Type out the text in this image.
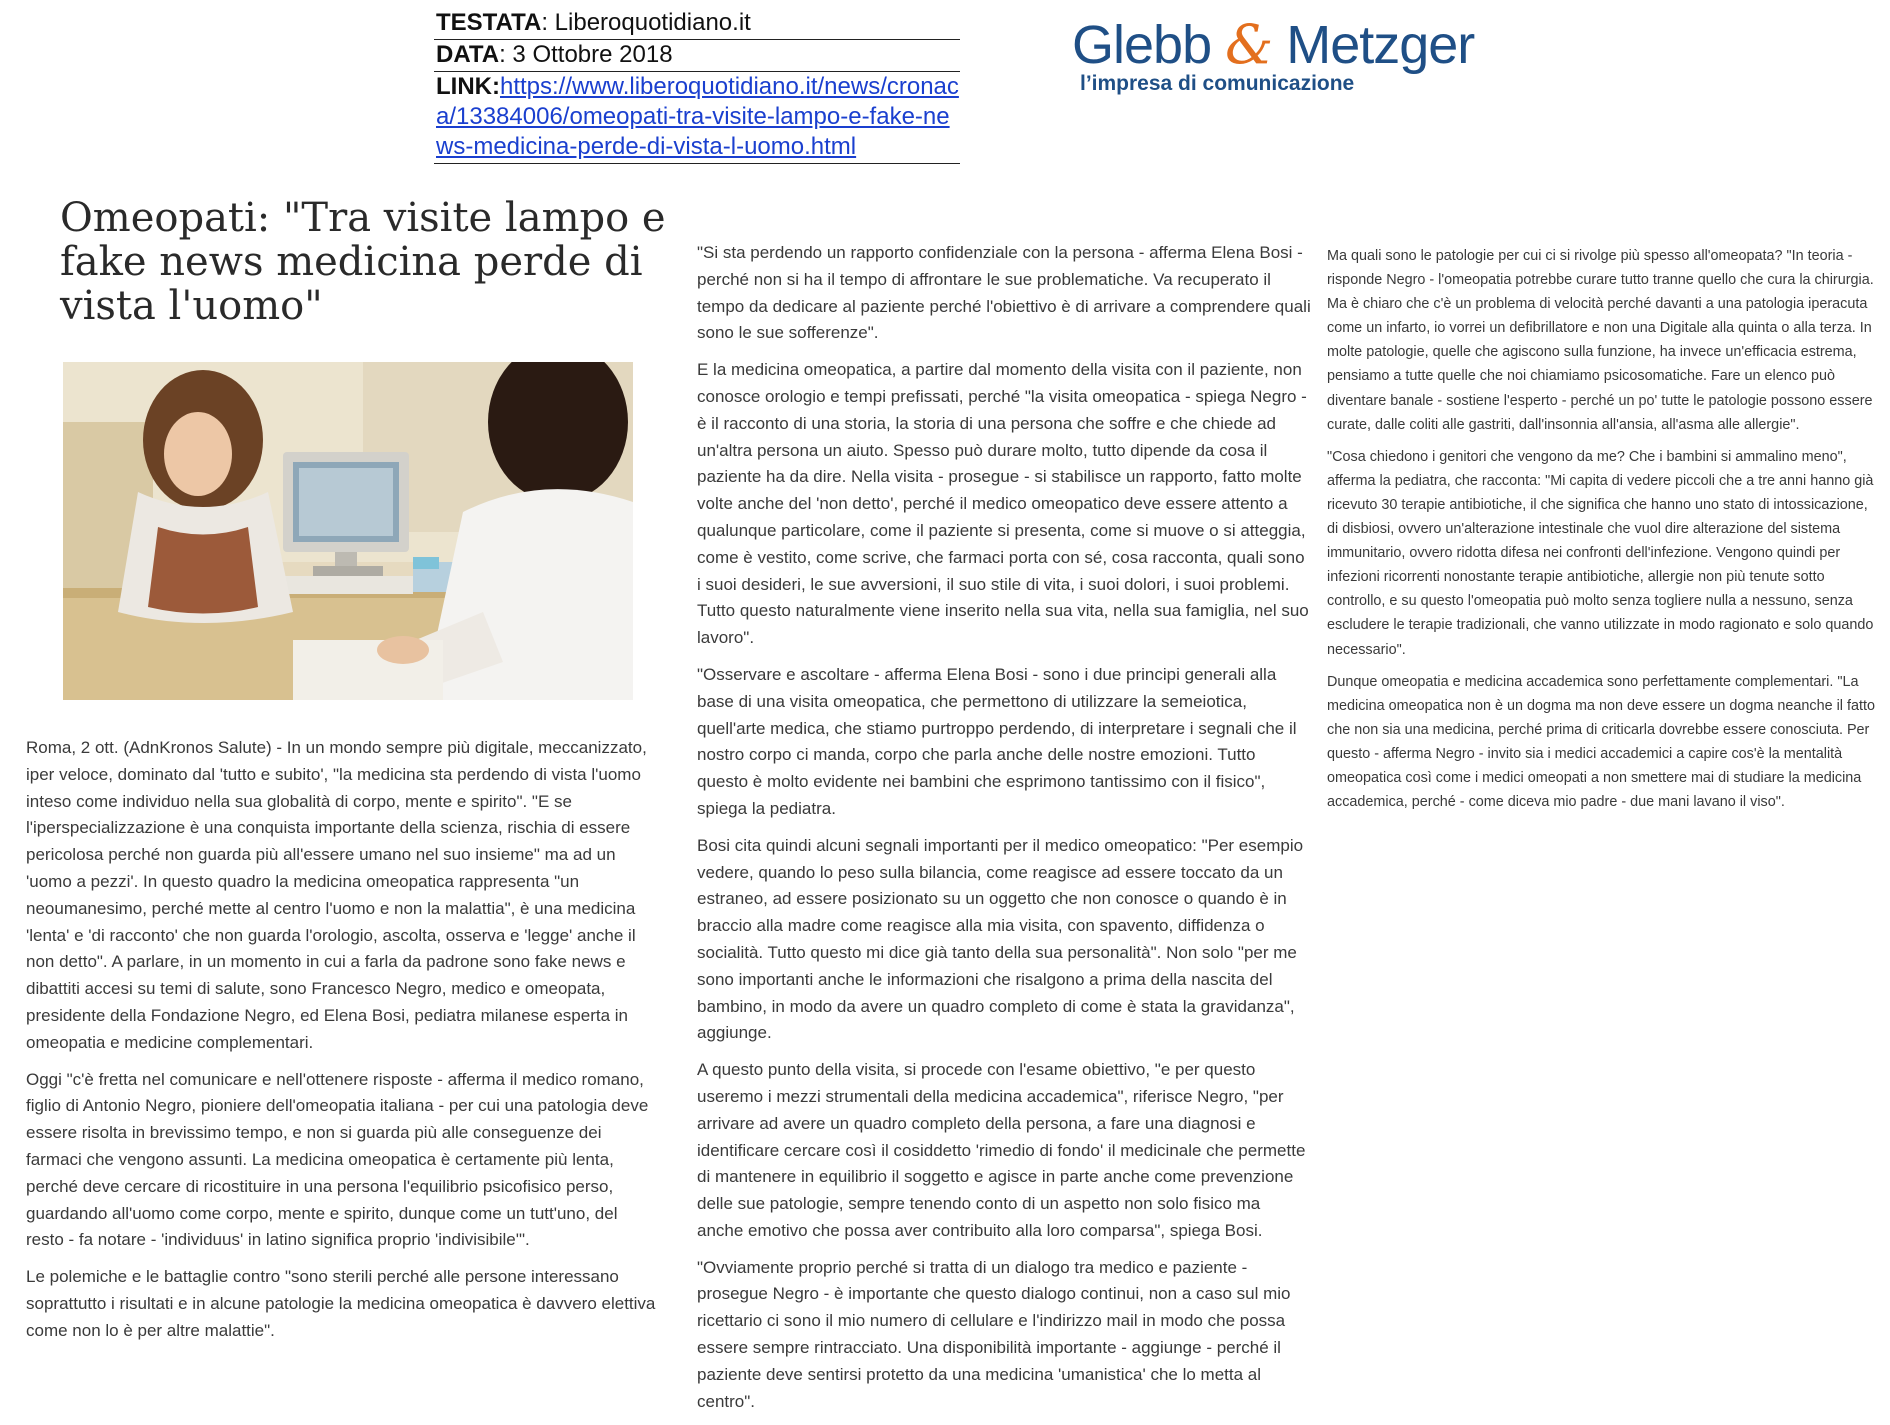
TESTATA: Liberoquotidiano.it
DATA: 3 Ottobre 2018
LINK:https://www.liberoquotidiano.it/news/cronaca/13384006/omeopati-tra-visite-lampo-e-fake-news-medicina-perde-di-vista-l-uomo.html
Glebb & Metzger
l’impresa di comunicazione
Omeopati: "Tra visite lampo e fake news medicina perde di vista l'uomo"

Roma, 2 ott. (AdnKronos Salute) - In un mondo sempre più digitale, meccanizzato, iper veloce, dominato dal 'tutto e subito', "la medicina sta perdendo di vista l'uomo inteso come individuo nella sua globalità di corpo, mente e spirito". "E se l'iperspecializzazione è una conquista importante della scienza, rischia di essere pericolosa perché non guarda più all'essere umano nel suo insieme" ma ad un 'uomo a pezzi'. In questo quadro la medicina omeopatica rappresenta "un neoumanesimo, perché mette al centro l'uomo e non la malattia", è una medicina 'lenta' e 'di racconto' che non guarda l'orologio, ascolta, osserva e 'legge' anche il non detto". A parlare, in un momento in cui a farla da padrone sono fake news e dibattiti accesi su temi di salute, sono Francesco Negro, medico e omeopata, presidente della Fondazione Negro, ed Elena Bosi, pediatra milanese esperta in omeopatia e medicine complementari.

Oggi "c'è fretta nel comunicare e nell'ottenere risposte - afferma il medico romano, figlio di Antonio Negro, pioniere dell'omeopatia italiana - per cui una patologia deve essere risolta in brevissimo tempo, e non si guarda più alle conseguenze dei farmaci che vengono assunti. La medicina omeopatica è certamente più lenta, perché deve cercare di ricostituire in una persona l'equilibrio psicofisico perso, guardando all'uomo come corpo, mente e spirito, dunque come un tutt'uno, del resto - fa notare - 'individuus' in latino significa proprio 'indivisibile'".

Le polemiche e le battaglie contro "sono sterili perché alle persone interessano soprattutto i risultati e in alcune patologie la medicina omeopatica è davvero elettiva come non lo è per altre malattie".

"Si sta perdendo un rapporto confidenziale con la persona - afferma Elena Bosi - perché non si ha il tempo di affrontare le sue problematiche. Va recuperato il tempo da dedicare al paziente perché l'obiettivo è di arrivare a comprendere quali sono le sue sofferenze".

E la medicina omeopatica, a partire dal momento della visita con il paziente, non conosce orologio e tempi prefissati, perché "la visita omeopatica - spiega Negro - è il racconto di una storia, la storia di una persona che soffre e che chiede ad un'altra persona un aiuto. Spesso può durare molto, tutto dipende da cosa il paziente ha da dire. Nella visita - prosegue - si stabilisce un rapporto, fatto molte volte anche del 'non detto', perché il medico omeopatico deve essere attento a qualunque particolare, come il paziente si presenta, come si muove o si atteggia, come è vestito, come scrive, che farmaci porta con sé, cosa racconta, quali sono i suoi desideri, le sue avversioni, il suo stile di vita, i suoi dolori, i suoi problemi. Tutto questo naturalmente viene inserito nella sua vita, nella sua famiglia, nel suo lavoro".

"Osservare e ascoltare - afferma Elena Bosi - sono i due principi generali alla base di una visita omeopatica, che permettono di utilizzare la semeiotica, quell'arte medica, che stiamo purtroppo perdendo, di interpretare i segnali che il nostro corpo ci manda, corpo che parla anche delle nostre emozioni. Tutto questo è molto evidente nei bambini che esprimono tantissimo con il fisico", spiega la pediatra.

Bosi cita quindi alcuni segnali importanti per il medico omeopatico: "Per esempio vedere, quando lo peso sulla bilancia, come reagisce ad essere toccato da un estraneo, ad essere posizionato su un oggetto che non conosce o quando è in braccio alla madre come reagisce alla mia visita, con spavento, diffidenza o socialità. Tutto questo mi dice già tanto della sua personalità". Non solo "per me sono importanti anche le informazioni che risalgono a prima della nascita del bambino, in modo da avere un quadro completo di come è stata la gravidanza", aggiunge.

A questo punto della visita, si procede con l'esame obiettivo, "e per questo useremo i mezzi strumentali della medicina accademica", riferisce Negro, "per arrivare ad avere un quadro completo della persona, a fare una diagnosi e identificare cercare così il cosiddetto 'rimedio di fondo' il medicinale che permette di mantenere in equilibrio il soggetto e agisce in parte anche come prevenzione delle sue patologie, sempre tenendo conto di un aspetto non solo fisico ma anche emotivo che possa aver contribuito alla loro comparsa", spiega Bosi.

"Ovviamente proprio perché si tratta di un dialogo tra medico e paziente - prosegue Negro - è importante che questo dialogo continui, non a caso sul mio ricettario ci sono il mio numero di cellulare e l'indirizzo mail in modo che possa essere sempre rintracciato. Una disponibilità importante - aggiunge - perché il paziente deve sentirsi protetto da una medicina 'umanistica' che lo metta al centro".

Ma quali sono le patologie per cui ci si rivolge più spesso all'omeopata? "In teoria - risponde Negro - l'omeopatia potrebbe curare tutto tranne quello che cura la chirurgia. Ma è chiaro che c'è un problema di velocità perché davanti a una patologia iperacuta come un infarto, io vorrei un defibrillatore e non una Digitale alla quinta o alla terza. In molte patologie, quelle che agiscono sulla funzione, ha invece un'efficacia estrema, pensiamo a tutte quelle che noi chiamiamo psicosomatiche. Fare un elenco può diventare banale - sostiene l'esperto - perché un po' tutte le patologie possono essere curate, dalle coliti alle gastriti, dall'insonnia all'ansia, all'asma alle allergie".

"Cosa chiedono i genitori che vengono da me? Che i bambini si ammalino meno", afferma la pediatra, che racconta: "Mi capita di vedere piccoli che a tre anni hanno già ricevuto 30 terapie antibiotiche, il che significa che hanno uno stato di intossicazione, di disbiosi, ovvero un'alterazione intestinale che vuol dire alterazione del sistema immunitario, ovvero ridotta difesa nei confronti dell'infezione. Vengono quindi per infezioni ricorrenti nonostante terapie antibiotiche, allergie non più tenute sotto controllo, e su questo l'omeopatia può molto senza togliere nulla a nessuno, senza escludere le terapie tradizionali, che vanno utilizzate in modo ragionato e solo quando necessario".

Dunque omeopatia e medicina accademica sono perfettamente complementari. "La medicina omeopatica non è un dogma ma non deve essere un dogma neanche il fatto che non sia una medicina, perché prima di criticarla dovrebbe essere conosciuta. Per questo - afferma Negro - invito sia i medici accademici a capire cos'è la mentalità omeopatica così come i medici omeopati a non smettere mai di studiare la medicina accademica, perché - come diceva mio padre - due mani lavano il viso".
